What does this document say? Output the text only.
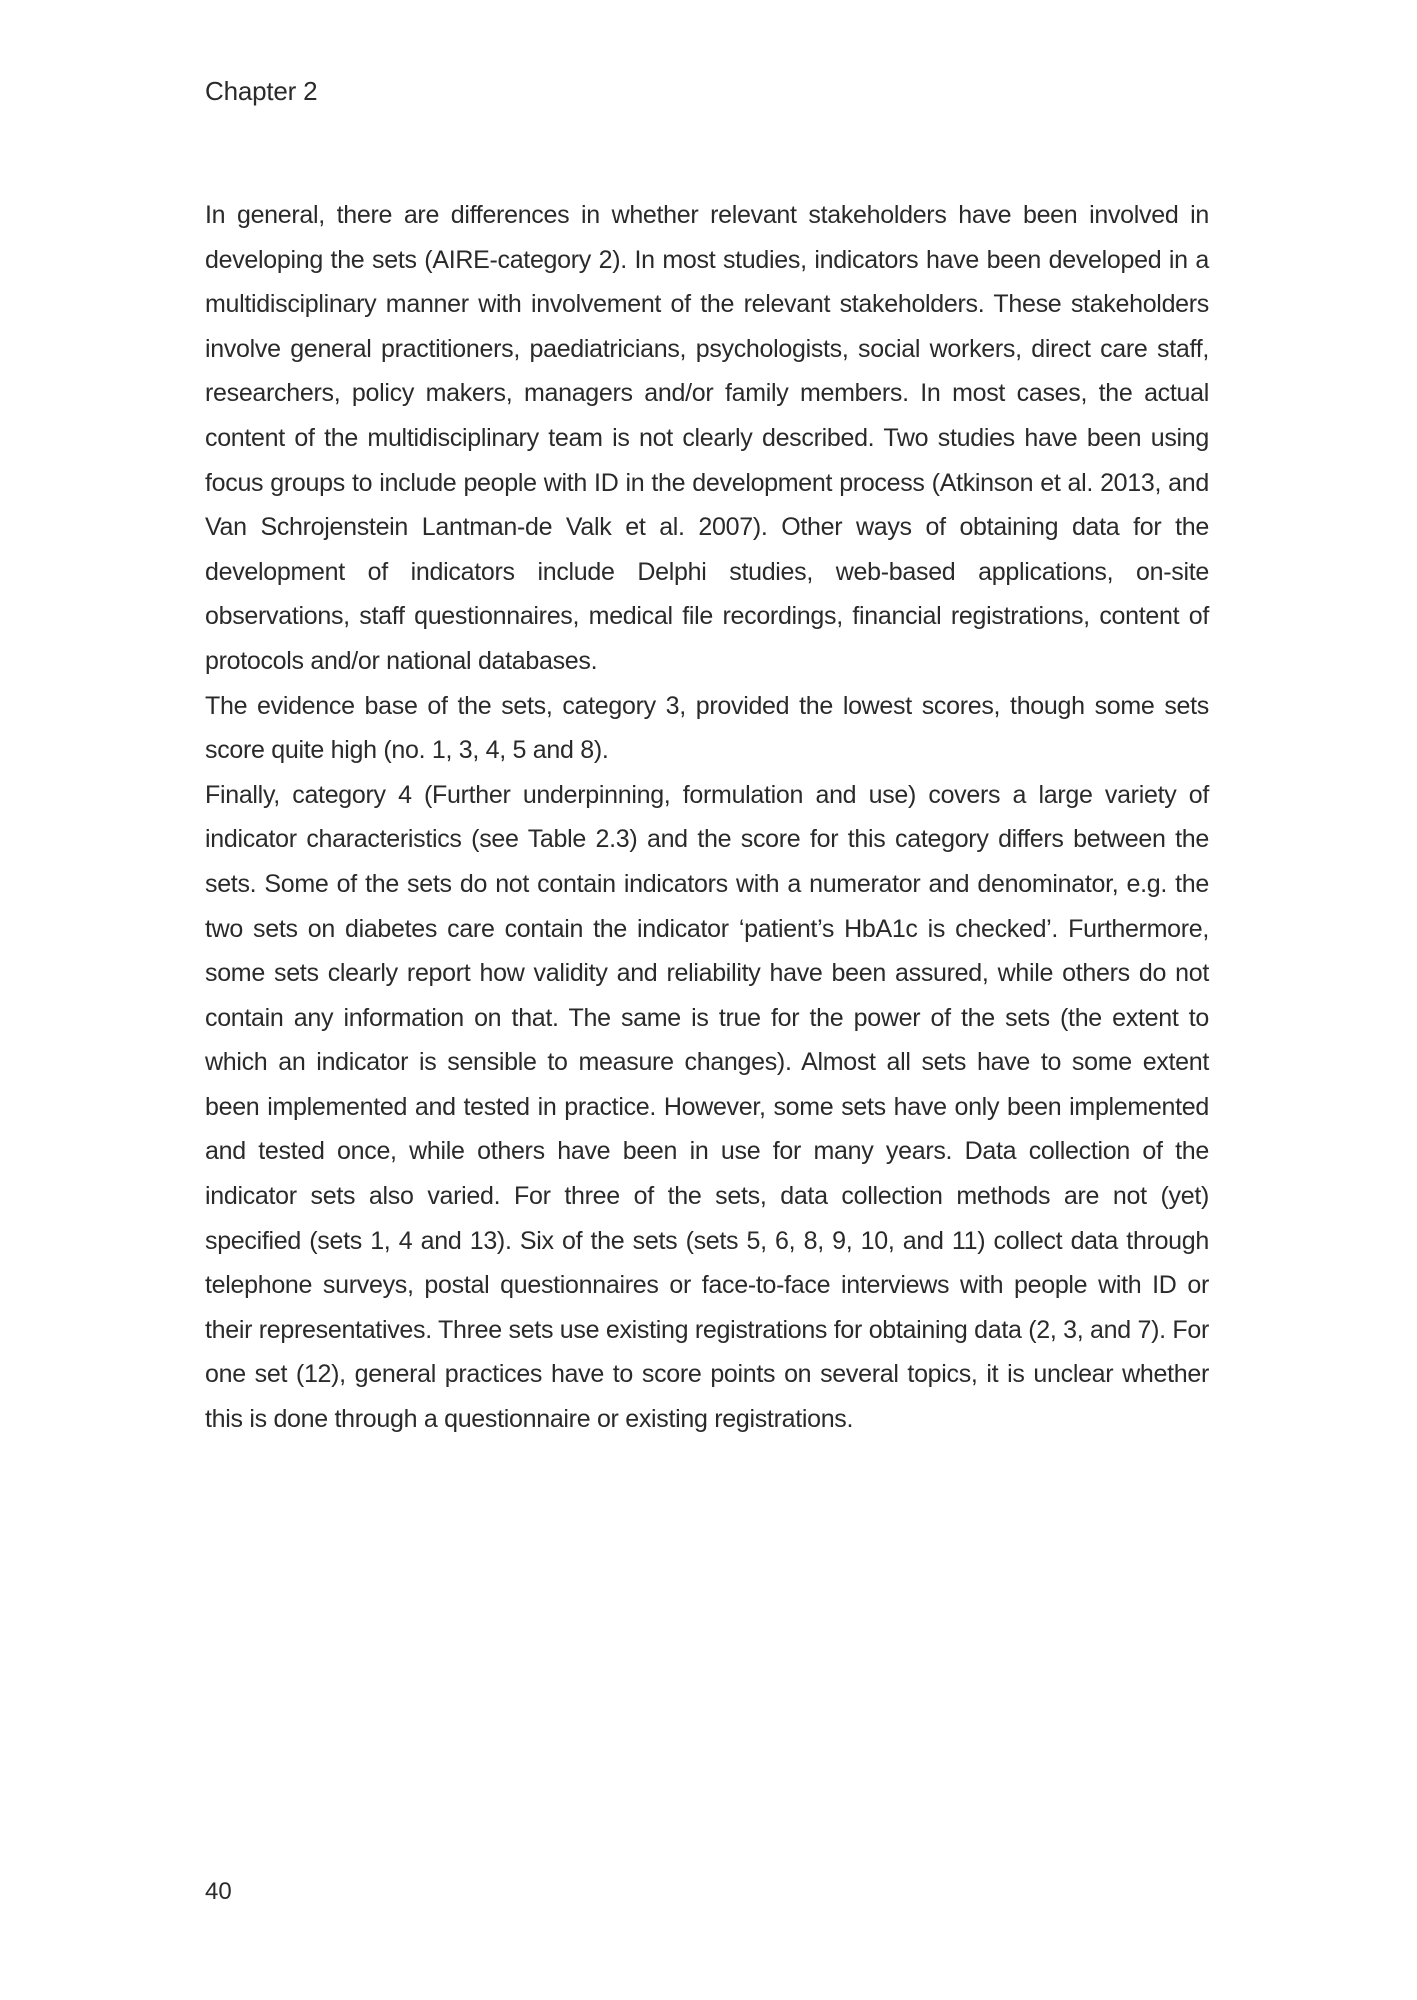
Chapter 2

In general, there are differences in whether relevant stakeholders have been involved in developing the sets (AIRE-category 2). In most studies, indicators have been developed in a multidisciplinary manner with involvement of the relevant stakeholders. These stakeholders involve general practitioners, paediatricians, psychologists, social workers, direct care staff, researchers, policy makers, managers and/or family members. In most cases, the actual content of the multidisciplinary team is not clearly described. Two studies have been using focus groups to include people with ID in the development process (Atkinson et al. 2013, and Van Schrojenstein Lantman-de Valk et al. 2007). Other ways of obtaining data for the development of indicators include Delphi studies, web-based applications, on-site observations, staff questionnaires, medical file recordings, financial registrations, content of protocols and/or national databases.

The evidence base of the sets, category 3, provided the lowest scores, though some sets score quite high (no. 1, 3, 4, 5 and 8).

Finally, category 4 (Further underpinning, formulation and use) covers a large variety of indicator characteristics (see Table 2.3) and the score for this category differs between the sets. Some of the sets do not contain indicators with a numerator and denominator, e.g. the two sets on diabetes care contain the indicator ‘patient’s HbA1c is checked’. Furthermore, some sets clearly report how validity and reliability have been assured, while others do not contain any information on that. The same is true for the power of the sets (the extent to which an indicator is sensible to measure changes). Almost all sets have to some extent been implemented and tested in practice. However, some sets have only been implemented and tested once, while others have been in use for many years. Data collection of the indicator sets also varied. For three of the sets, data collection methods are not (yet) specified (sets 1, 4 and 13). Six of the sets (sets 5, 6, 8, 9, 10, and 11) collect data through telephone surveys, postal questionnaires or face-to-face interviews with people with ID or their representatives. Three sets use existing registrations for obtaining data (2, 3, and 7). For one set (12), general practices have to score points on several topics, it is unclear whether this is done through a questionnaire or existing registrations.

40
